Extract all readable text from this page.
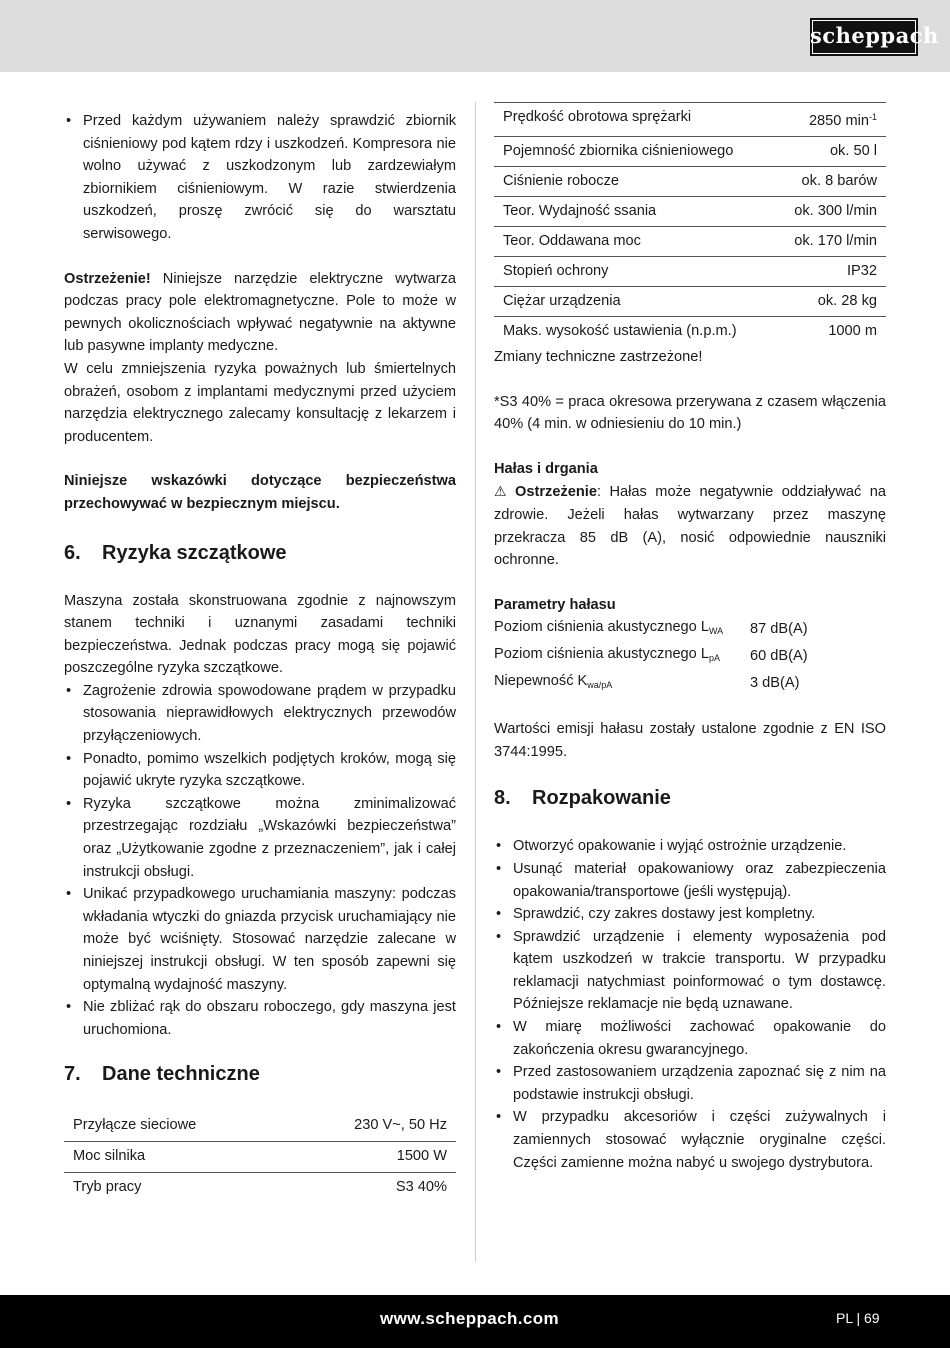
scheppach
• Przed każdym używaniem należy sprawdzić zbiornik ciśnieniowy pod kątem rdzy i uszkodzeń. Kompresora nie wolno używać z uszkodzonym lub zardzewiałym zbiornikiem ciśnieniowym. W razie stwierdzenia uszkodzeń, proszę zwrócić się do warsztatu serwisowego.

Ostrzeżenie! Niniejsze narzędzie elektryczne wytwarza podczas pracy pole elektromagnetyczne. Pole to może w pewnych okolicznościach wpływać negatywnie na aktywne lub pasywne implanty medyczne.

W celu zmniejszenia ryzyka poważnych lub śmiertelnych obrażeń, osobom z implantami medycznymi przed użyciem narzędzia elektrycznego zalecamy konsultację z lekarzem i producentem.

Niniejsze wskazówki dotyczące bezpieczeństwa przechowywać w bezpiecznym miejscu.

6. Ryzyka szczątkowe

Maszyna została skonstruowana zgodnie z najnowszym stanem techniki i uznanymi zasadami techniki bezpieczeństwa. Jednak podczas pracy mogą się pojawić poszczególne ryzyka szczątkowe.

• Zagrożenie zdrowia spowodowane prądem w przypadku stosowania nieprawidłowych elektrycznych przewodów przyłączeniowych.
• Ponadto, pomimo wszelkich podjętych kroków, mogą się pojawić ukryte ryzyka szczątkowe.
• Ryzyka szczątkowe można zminimalizować przestrzegając rozdziału „Wskazówki bezpieczeństwa” oraz „Użytkowanie zgodne z przeznaczeniem”, jak i całej instrukcji obsługi.
• Unikać przypadkowego uruchamiania maszyny: podczas wkładania wtyczki do gniazda przycisk uruchamiający nie może być wciśnięty. Stosować narzędzie zalecane w niniejszej instrukcji obsługi. W ten sposób zapewni się optymalną wydajność maszyny.
• Nie zbliżać rąk do obszaru roboczego, gdy maszyna jest uruchomiona.
7. Dane techniczne
Przyłącze sieciowe	230 V~, 50 Hz
Moc silnika	1500 W
Tryb pracy	S3 40%
Prędkość obrotowa sprężarki	2850 $\min^{-1}$
Pojemność zbiornika ciśnieniowego	ok. 50 l
Ciśnienie robocze	ok. 8 barów
Teor. Wydajność ssania	ok. 300 l/min
Teor. Oddawana moc	ok. 170 l/min
Stopień ochrony	IP32
Ciężar urządzenia	ok. 28 kg
Maks. wysokość ustawienia (n.p.m.)	1000 m

Zmiany techniczne zastrzeżone!

*S3 40% = praca okresowa przerywana z czasem włączenia 40% (4 min. w odniesieniu do 10 min.)

Hałas i drgania

⚠ Ostrzeżenie: Hałas może negatywnie oddziaływać na zdrowie. Jeżeli hałas wytwarzany przez maszynę przekracza 85 dB (A), nosić odpowiednie nauszniki ochronne.

Parametry hałasu

Poziom ciśnienia akustycznego $L_{WA}$	87 dB(A)
Poziom ciśnienia akustycznego $L_{pA}$	60 dB(A)
Niepewność $K_{wa/pA}$	3 dB(A)

Wartości emisji hałasu zostały ustalone zgodnie z EN ISO 3744:1995.

8. Rozpakowanie
• Otworzyć opakowanie i wyjąć ostrożnie urządzenie.
• Usunąć materiał opakowaniowy oraz zabezpieczenia opakowania/transportowe (jeśli występują).
• Sprawdzić, czy zakres dostawy jest kompletny.
• Sprawdzić urządzenie i elementy wyposażenia pod kątem uszkodzeń w trakcie transportu. W przypadku reklamacji natychmiast poinformować o tym dostawcę. Późniejsze reklamacje nie będą uznawane.
• W miarę możliwości zachować opakowanie do zakończenia okresu gwarancyjnego.
• Przed zastosowaniem urządzenia zapoznać się z nim na podstawie instrukcji obsługi.
• W przypadku akcesoriów i części zużywalnych i zamiennych stosować wyłącznie oryginalne części. Części zamienne można nabyć u swojego dystrybutora.
www.scheppach.com	PL | 69
